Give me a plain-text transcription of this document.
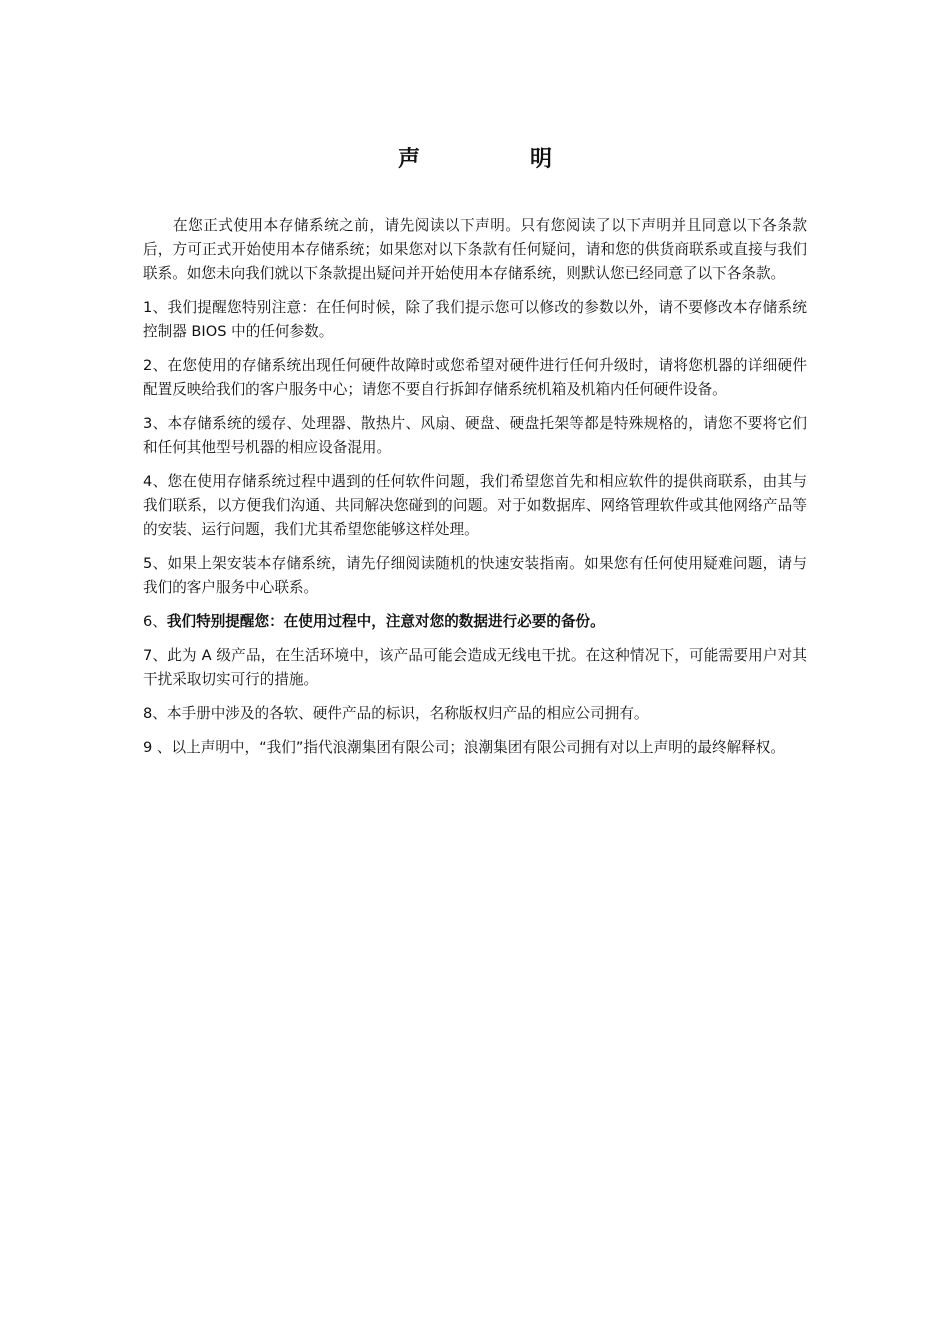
声　明

在您正式使用本存储系统之前，请先阅读以下声明。只有您阅读了以下声明并且同意以下各条款后，方可正式开始使用本存储系统；如果您对以下条款有任何疑问，请和您的供货商联系或直接与我们联系。如您未向我们就以下条款提出疑问并开始使用本存储系统，则默认您已经同意了以下各条款。

1、我们提醒您特别注意：在任何时候，除了我们提示您可以修改的参数以外，请不要修改本存储系统控制器 BIOS 中的任何参数。

2、在您使用的存储系统出现任何硬件故障时或您希望对硬件进行任何升级时，请将您机器的详细硬件配置反映给我们的客户服务中心；请您不要自行拆卸存储系统机箱及机箱内任何硬件设备。

3、本存储系统的缓存、处理器、散热片、风扇、硬盘、硬盘托架等都是特殊规格的，请您不要将它们和任何其他型号机器的相应设备混用。

4、您在使用存储系统过程中遇到的任何软件问题，我们希望您首先和相应软件的提供商联系，由其与我们联系，以方便我们沟通、共同解决您碰到的问题。对于如数据库、网络管理软件或其他网络产品等的安装、运行问题，我们尤其希望您能够这样处理。

5、如果上架安装本存储系统，请先仔细阅读随机的快速安装指南。如果您有任何使用疑难问题，请与我们的客户服务中心联系。

6、我们特别提醒您：在使用过程中，注意对您的数据进行必要的备份。

7、此为 A 级产品，在生活环境中，该产品可能会造成无线电干扰。在这种情况下，可能需要用户对其干扰采取切实可行的措施。

8、本手册中涉及的各软、硬件产品的标识，名称版权归产品的相应公司拥有。

9 、以上声明中，“我们”指代浪潮集团有限公司；浪潮集团有限公司拥有对以上声明的最终解释权。
